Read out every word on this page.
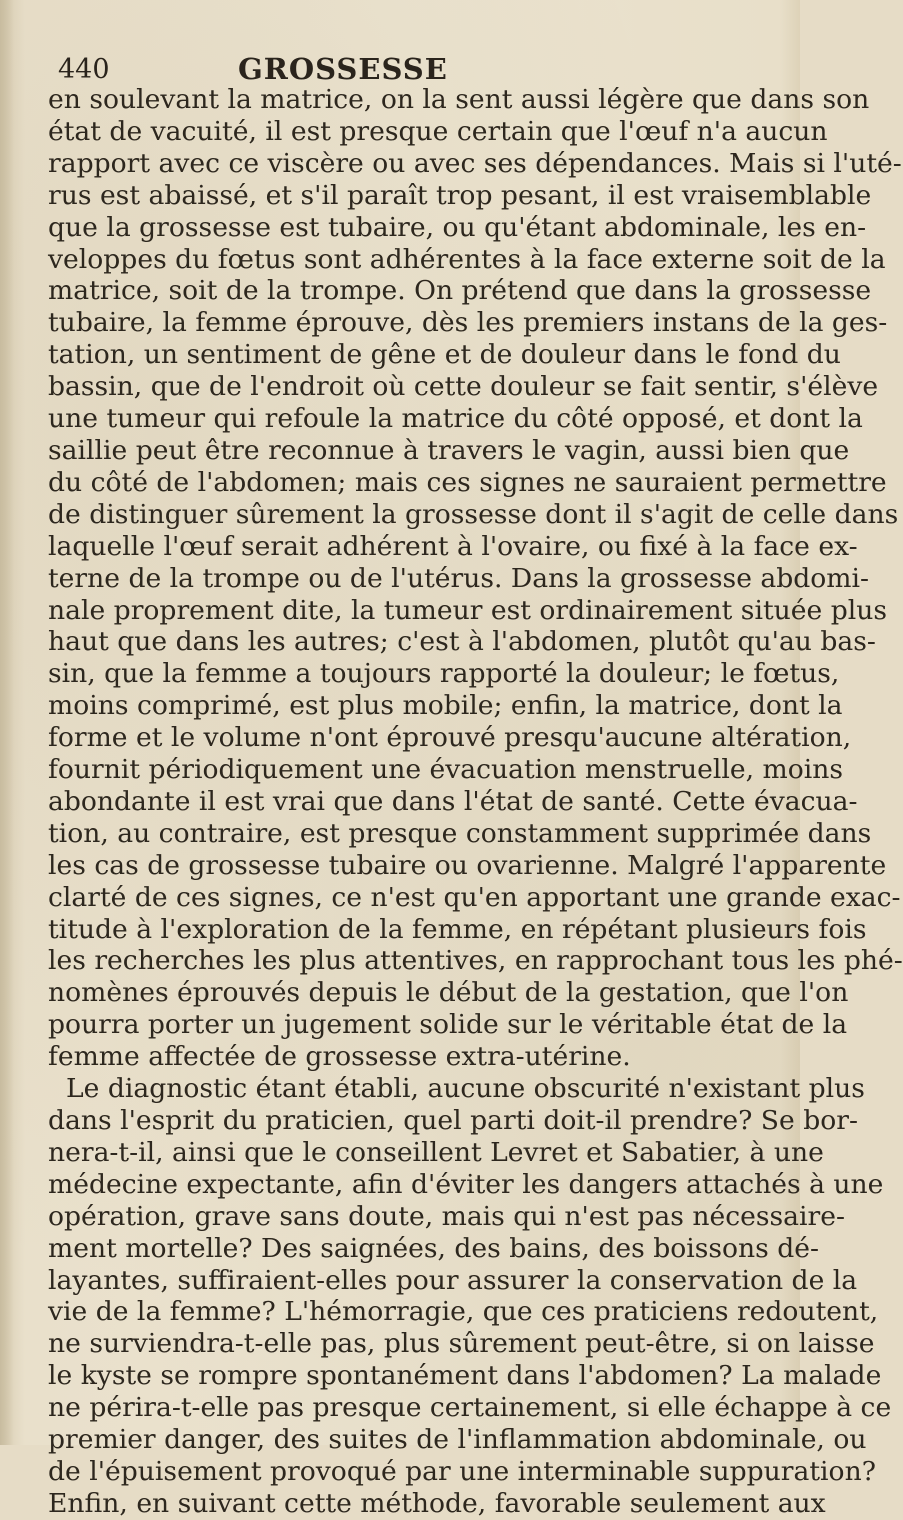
440	GROSSESSE
en soulevant la matrice, on la sent aussi légère que dans son
état de vacuité, il est presque certain que l'œuf n'a aucun
rapport avec ce viscère ou avec ses dépendances. Mais si l'uté-
rus est abaissé, et s'il paraît trop pesant, il est vraisemblable
que la grossesse est tubaire, ou qu'étant abdominale, les en-
veloppes du fœtus sont adhérentes à la face externe soit de la
matrice, soit de la trompe. On prétend que dans la grossesse
tubaire, la femme éprouve, dès les premiers instans de la ges-
tation, un sentiment de gêne et de douleur dans le fond du
bassin, que de l'endroit où cette douleur se fait sentir, s'élève
une tumeur qui refoule la matrice du côté opposé, et dont la
saillie peut être reconnue à travers le vagin, aussi bien que
du côté de l'abdomen; mais ces signes ne sauraient permettre
de distinguer sûrement la grossesse dont il s'agit de celle dans
laquelle l'œuf serait adhérent à l'ovaire, ou fixé à la face ex-
terne de la trompe ou de l'utérus. Dans la grossesse abdomi-
nale proprement dite, la tumeur est ordinairement située plus
haut que dans les autres; c'est à l'abdomen, plutôt qu'au bas-
sin, que la femme a toujours rapporté la douleur; le fœtus,
moins comprimé, est plus mobile; enfin, la matrice, dont la
forme et le volume n'ont éprouvé presqu'aucune altération,
fournit périodiquement une évacuation menstruelle, moins
abondante il est vrai que dans l'état de santé. Cette évacua-
tion, au contraire, est presque constamment supprimée dans
les cas de grossesse tubaire ou ovarienne. Malgré l'apparente
clarté de ces signes, ce n'est qu'en apportant une grande exac-
titude à l'exploration de la femme, en répétant plusieurs fois
les recherches les plus attentives, en rapprochant tous les phé-
nomènes éprouvés depuis le début de la gestation, que l'on
pourra porter un jugement solide sur le véritable état de la
femme affectée de grossesse extra-utérine.
Le diagnostic étant établi, aucune obscurité n'existant plus
dans l'esprit du praticien, quel parti doit-il prendre? Se bor-
nera-t-il, ainsi que le conseillent Levret et Sabatier, à une
médecine expectante, afin d'éviter les dangers attachés à une
opération, grave sans doute, mais qui n'est pas nécessaire-
ment mortelle? Des saignées, des bains, des boissons dé-
layantes, suffiraient-elles pour assurer la conservation de la
vie de la femme? L'hémorragie, que ces praticiens redoutent,
ne surviendra-t-elle pas, plus sûrement peut-être, si on laisse
le kyste se rompre spontanément dans l'abdomen? La malade
ne périra-t-elle pas presque certainement, si elle échappe à ce
premier danger, des suites de l'inflammation abdominale, ou
de l'épuisement provoqué par une interminable suppuration?
Enfin, en suivant cette méthode, favorable seulement aux
